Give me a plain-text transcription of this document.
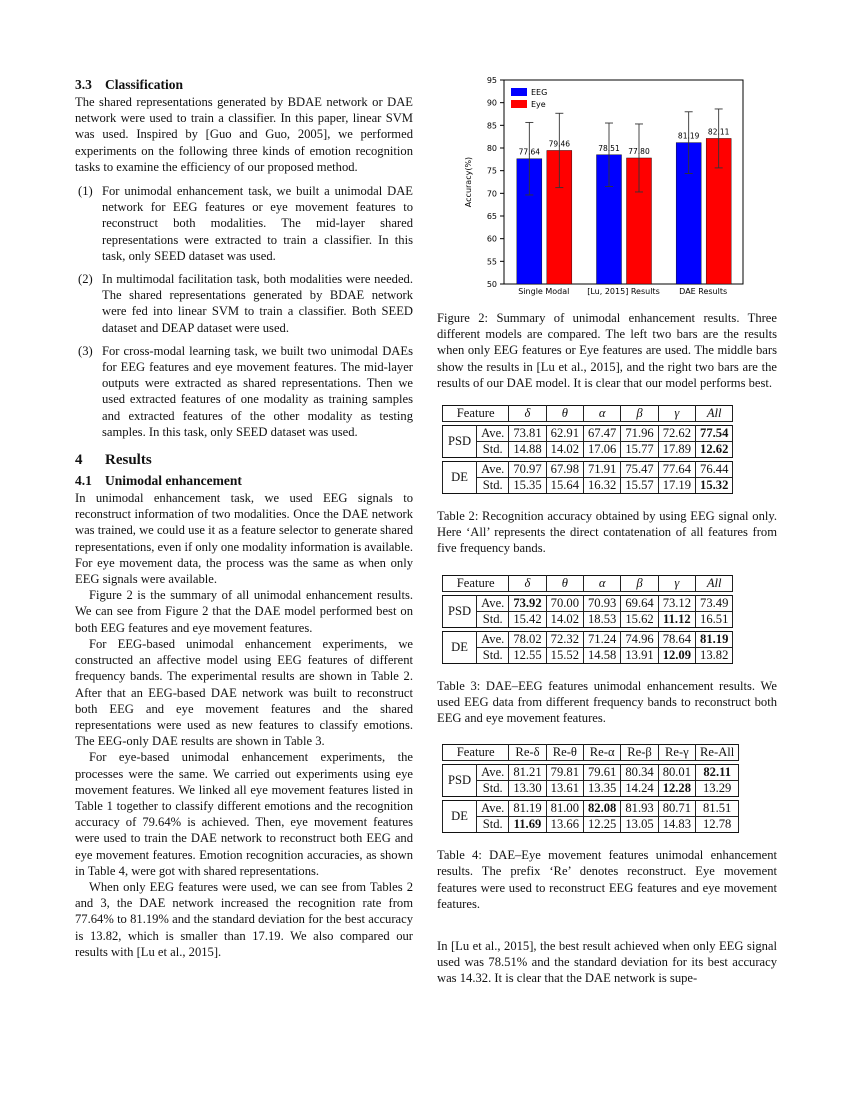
3.3 Classification

The shared representations generated by BDAE network or DAE network were used to train a classifier. In this paper, linear SVM was used. Inspired by [Guo and Guo, 2005], we performed experiments on the following three kinds of emotion recognition tasks to examine the efficiency of our proposed method.

(1) For unimodal enhancement task, we built a unimodal DAE network for EEG features or eye movement features to reconstruct both modalities. The mid-layer shared representations were extracted to train a classifier. In this task, only SEED dataset was used.
(2) In multimodal facilitation task, both modalities were needed. The shared representations generated by BDAE network were fed into linear SVM to train a classifier. Both SEED dataset and DEAP dataset were used.
(3) For cross-modal learning task, we built two unimodal DAEs for EEG features and eye movement features. The mid-layer outputs were extracted as shared representations. Then we used extracted features of one modality as training samples and extracted features of the other modality as testing samples. In this task, only SEED dataset was used.
4 Results
4.1 Unimodal enhancement

In unimodal enhancement task, we used EEG signals to reconstruct information of two modalities. Once the DAE network was trained, we could use it as a feature selector to generate shared representations, even if only one modality information is available. For eye movement data, the process was the same as when only EEG signals were available.

Figure 2 is the summary of all unimodal enhancement results. We can see from Figure 2 that the DAE model performed best on both EEG features and eye movement features.

For EEG-based unimodal enhancement experiments, we constructed an affective model using EEG features of different frequency bands. The experimental results are shown in Table 2. After that an EEG-based DAE network was built to reconstruct both EEG and eye movement features and the shared representations were used as new features to classify emotions. The EEG-only DAE results are shown in Table 3.

For eye-based unimodal enhancement experiments, the processes were the same. We carried out experiments using eye movement features. We linked all eye movement features listed in Table 1 together to classify different emotions and the recognition accuracy of 79.64% is achieved. Then, eye movement features were used to train the DAE network to reconstruct both EEG and eye movement features. Emotion recognition accuracies, as shown in Table 4, were got with shared representations.

When only EEG features were used, we can see from Tables 2 and 3, the DAE network increased the recognition rate from 77.64% to 81.19% and the standard deviation for the best accuracy is 13.82, which is smaller than 17.19. We also compared our results with [Lu et al., 2015].

50
55
60
65
70
75
80
85
90
95
Accuracy(%)
77.64
79.46
Single Modal
78.51 77.80
[Lu, 2015] Results
81.19 82.11
DAE Results
EEG
Eye

Figure 2: Summary of unimodal enhancement results. Three different models are compared. The left two bars are the results when only EEG features or Eye features are used. The middle bars show the results in [Lu et al., 2015], and the right two bars are the results of our DAE model. It is clear that our model performs best.

Feature		δ	θ	α	β	γ	All

PSD	Ave.	73.81	62.91	67.47	71.96	72.62	77.54
	Std.	14.88	14.02	17.06	15.77	17.89	12.62

DE	Ave.	70.97	67.98	71.91	75.47	77.64	76.44
	Std.	15.35	15.64	16.32	15.57	17.19	15.32

Table 2: Recognition accuracy obtained by using EEG signal only. Here ‘All’ represents the direct contatenation of all features from five frequency bands.

Feature		δ	θ	α	β	γ	All

PSD	Ave.	73.92	70.00	70.93	69.64	73.12	73.49
	Std.	15.42	14.02	18.53	15.62	11.12	16.51

DE	Ave.	78.02	72.32	71.24	74.96	78.64	81.19
	Std.	12.55	15.52	14.58	13.91	12.09	13.82

Table 3: DAE–EEG features unimodal enhancement results. We used EEG data from different frequency bands to reconstruct both EEG and eye movement features.

Feature		Re-δ	Re-θ	Re-α	Re-β	Re-γ	Re-All

PSD	Ave.	81.21	79.81	79.61	80.34	80.01	82.11
	Std.	13.30	13.61	13.35	14.24	12.28	13.29

DE	Ave.	81.19	81.00	82.08	81.93	80.71	81.51
	Std.	11.69	13.66	12.25	13.05	14.83	12.78

Table 4: DAE–Eye movement features unimodal enhancement results. The prefix ‘Re’ denotes reconstruct. Eye movement features were used to reconstruct EEG features and eye movement features.

In [Lu et al., 2015], the best result achieved when only EEG signal used was 78.51% and the standard deviation for its best accuracy was 14.32. It is clear that the DAE network is supe-
